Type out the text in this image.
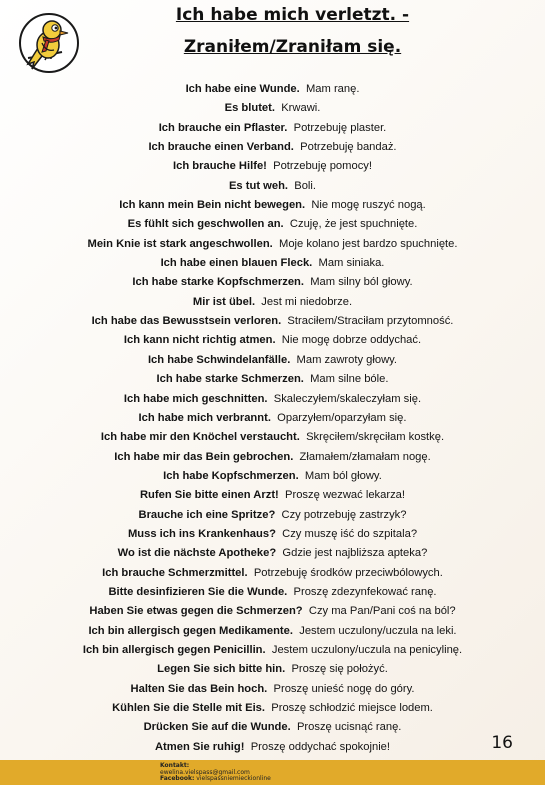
Ich habe mich verletzt. -
Zraniłem/Zraniłam się.
Ich habe eine Wunde. Mam ranę.
Es blutet. Krwawi.
Ich brauche ein Pflaster. Potrzebuję plaster.
Ich brauche einen Verband. Potrzebuję bandaż.
Ich brauche Hilfe! Potrzebuję pomocy!
Es tut weh. Boli.
Ich kann mein Bein nicht bewegen. Nie mogę ruszyć nogą.
Es fühlt sich geschwollen an. Czuję, że jest spuchnięte.
Mein Knie ist stark angeschwollen. Moje kolano jest bardzo spuchnięte.
Ich habe einen blauen Fleck. Mam siniaka.
Ich habe starke Kopfschmerzen. Mam silny ból głowy.
Mir ist übel. Jest mi niedobrze.
Ich habe das Bewusstsein verloren. Straciłem/Straciłam przytomność.
Ich kann nicht richtig atmen. Nie mogę dobrze oddychać.
Ich habe Schwindelanfälle. Mam zawroty głowy.
Ich habe starke Schmerzen. Mam silne bóle.
Ich habe mich geschnitten. Skaleczyłem/skaleczyłam się.
Ich habe mich verbrannt. Oparzyłem/oparzyłam się.
Ich habe mir den Knöchel verstaucht. Skręciłem/skręciłam kostkę.
Ich habe mir das Bein gebrochen. Złamałem/złamałam nogę.
Ich habe Kopfschmerzen. Mam ból głowy.
Rufen Sie bitte einen Arzt! Proszę wezwać lekarza!
Brauche ich eine Spritze? Czy potrzebuję zastrzyk?
Muss ich ins Krankenhaus? Czy muszę iść do szpitala?
Wo ist die nächste Apotheke? Gdzie jest najbliższa apteka?
Ich brauche Schmerzmittel. Potrzebuję środków przeciwbólowych.
Bitte desinfizieren Sie die Wunde. Proszę zdezynfekować ranę.
Haben Sie etwas gegen die Schmerzen? Czy ma Pan/Pani coś na ból?
Ich bin allergisch gegen Medikamente. Jestem uczulony/uczula na leki.
Ich bin allergisch gegen Penicillin. Jestem uczulony/uczula na penicylinę.
Legen Sie sich bitte hin. Proszę się położyć.
Halten Sie das Bein hoch. Proszę unieść nogę do góry.
Kühlen Sie die Stelle mit Eis. Proszę schłodzić miejsce lodem.
Drücken Sie auf die Wunde. Proszę ucisnąć ranę.
Atmen Sie ruhig! Proszę oddychać spokojnie!	16
Kontakt:
ewelina.vielspass@gmail.com
Facebook: vielspassniemieckionline
